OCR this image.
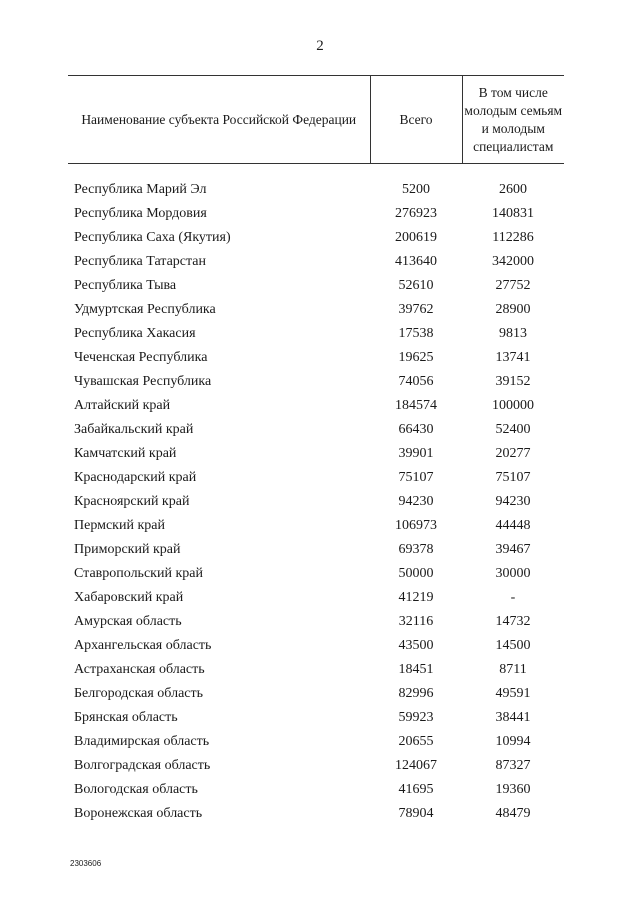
2
Наименование субъекта Российской Федерации	Всего	В том числе молодым семьям и молодым специалистам
Республика Марий Эл	5200	2600
Республика Мордовия	276923	140831
Республика Саха (Якутия)	200619	112286
Республика Татарстан	413640	342000
Республика Тыва	52610	27752
Удмуртская Республика	39762	28900
Республика Хакасия	17538	9813
Чеченская Республика	19625	13741
Чувашская Республика	74056	39152
Алтайский край	184574	100000
Забайкальский край	66430	52400
Камчатский край	39901	20277
Краснодарский край	75107	75107
Красноярский край	94230	94230
Пермский край	106973	44448
Приморский край	69378	39467
Ставропольский край	50000	30000
Хабаровский край	41219	-
Амурская область	32116	14732
Архангельская область	43500	14500
Астраханская область	18451	8711
Белгородская область	82996	49591
Брянская область	59923	38441
Владимирская область	20655	10994
Волгоградская область	124067	87327
Вологодская область	41695	19360
Воронежская область	78904	48479
2303606
